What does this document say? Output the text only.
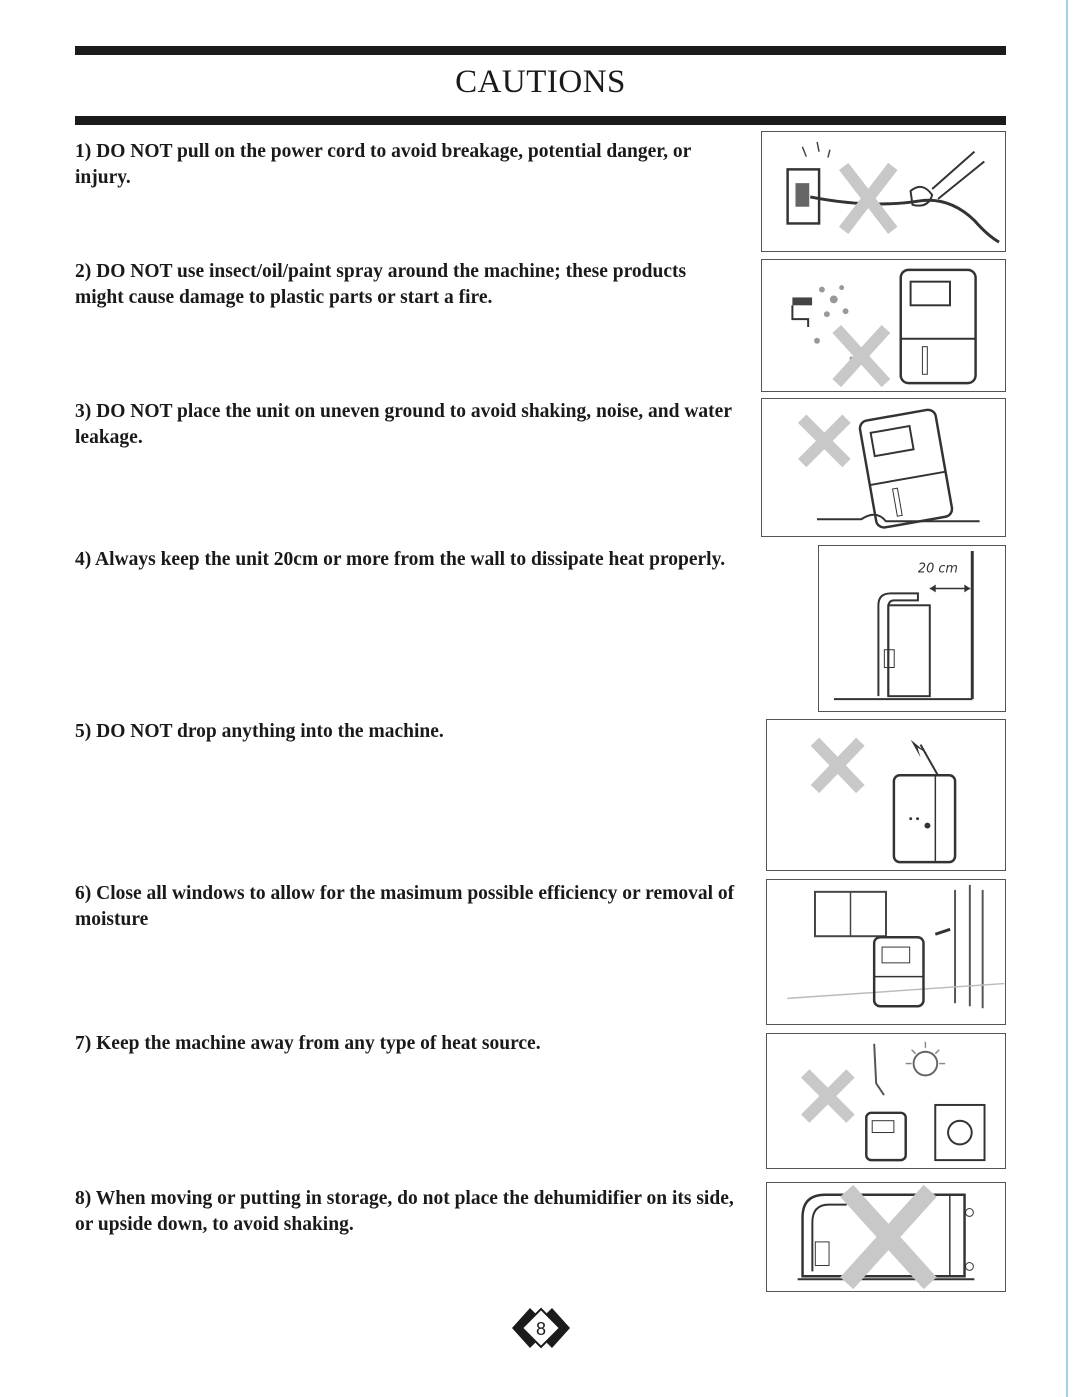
CAUTIONS
1) DO NOT pull on the power cord to avoid breakage, potential danger, or injury.
2) DO NOT use insect/oil/paint spray around the machine; these products might cause damage to plastic parts or start a fire.
3) DO NOT place the unit on uneven ground to avoid shaking, noise, and water leakage.
4) Always keep the unit 20cm or more from the wall to dissipate heat properly.	20 cm
5) DO NOT drop anything into the machine.
6) Close all windows to allow for the masimum possible efficiency or removal of moisture
7) Keep the machine away from any type of heat source.
8) When moving or putting in storage, do not place the dehumidifier on its side, or upside down, to avoid shaking.
8
